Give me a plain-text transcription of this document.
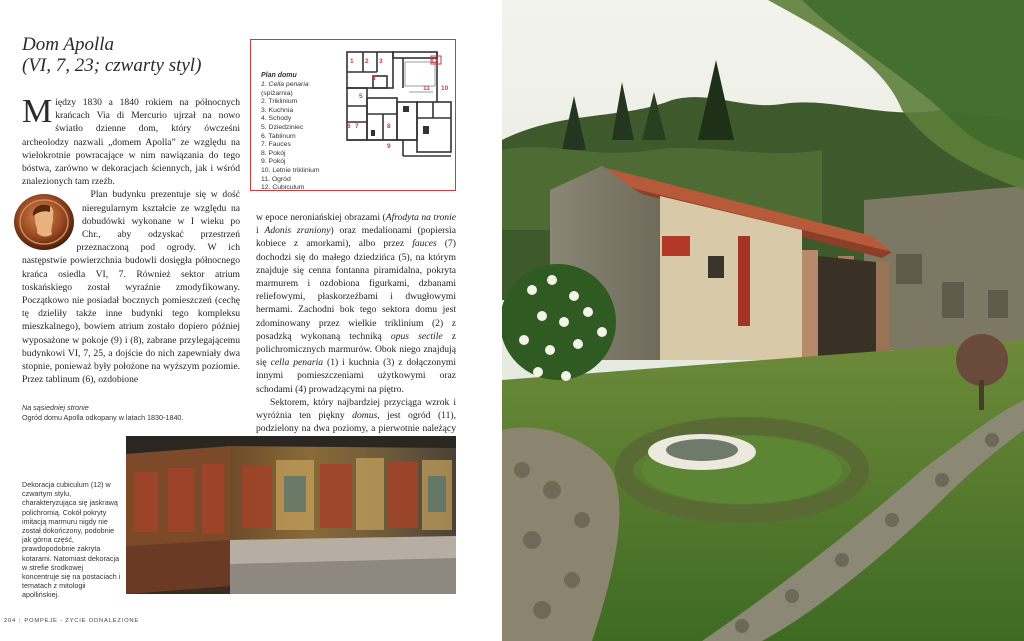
Dom Apolla
(VI, 7, 23; czwarty styl)	1 2 3
4
5
6 7	8
9
10
11
12
Plan domu
1. Cella penaria
(spiżarnia)
2. Triklinium
3. Kuchnia
4. Schody
5. Dziedziniec
6. Tablinum
7. Fauces
8. Pokój
9. Pokój
10. Letnie triklinium
11. Ogród
12. Cubiculum

Między 1830 a 1840 rokiem na północnych krańcach Via di Mercurio ujrzał na nowo światło dzienne dom, który ówcześni archeolodzy nazwali „domem Apolla” ze względu na wielokrotnie powracające w nim nawiązania do tego bóstwa, zarówno w dekoracjach ściennych, jak i wśród znalezionych tam rzeźb.

Plan budynku prezentuje się w dość nieregularnym kształcie ze względu na dobudówki wykonane w I wieku po Chr., aby odzyskać przestrzeń przeznaczoną pod ogrody. W ich następstwie powierzchnia budowli dosięgła północnego krańca osiedla VI, 7. Również sektor atrium toskańskiego został wyraźnie zmodyfikowany. Początkowo nie posiadał bocznych pomieszczeń (cechę tę dzieliły także inne budynki tego kompleksu mieszkalnego), bowiem atrium zostało dopiero później wyposażone w pokoje (9) i (8), zabrane przylegającemu budynkowi VI, 7, 25, a dojście do nich zapewniały dwa stopnie, ponieważ były położone na wyższym poziomie. Przez tablinum (6), ozdobione

w epoce neroniańskiej obrazami (Afrodyta na tronie i Adonis zraniony) oraz medalionami (popiersia kobiece z amorkami), albo przez fauces (7) dochodzi się do małego dziedzińca (5), na którym znajduje się cenna fontanna piramidalna, pokryta marmurem i ozdobiona figurkami, dzbanami reliefowymi, płaskorzeźbami i dwugłowymi hermami. Zachodni bok tego sektora domu jest zdominowany przez wielkie triklinium (2) z posadzką wykonaną techniką opus sectile z polichromicznych marmurów. Obok niego znajdują się cella penaria (1) i kuchnia (3) z dołączonymi innymi pomieszczeniami użytkowymi oraz schodami (4) prowadzącymi na piętro.

Sektorem, który najbardziej przyciąga wzrok i wyróżnia ten piękny domus, jest ogród (11), podzielony na dwa poziomy, a pierwotnie należący

Na sąsiedniej stronie
Ogród domu Apolla odkopany w latach 1830-1840.
Dekoracja cubiculum (12) w czwartym stylu, charakteryzująca się jaskrawą polichromią. Cokół pokryty imitacją marmuru nigdy nie został dokończony, podobnie jak górna część, prawdopodobnie zakryta kotarami. Natomiast dekoracja w strefie środkowej koncentruje się na postaciach i tematach z mitologii apollińskiej.
204 | POMPEJE - ŻYCIE ODNALEZIONE
